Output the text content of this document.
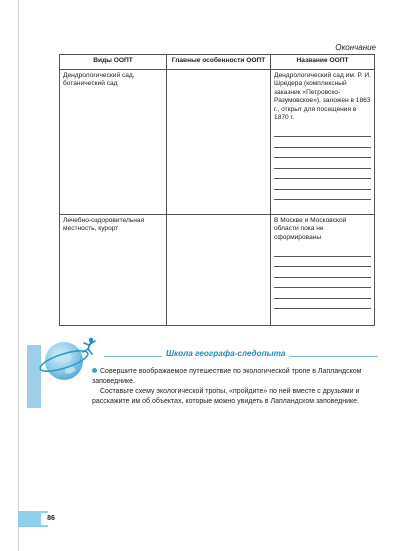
Окончание
Виды ООПТ	Главные особенности ООПТ	Название ООПТ
Дендрологический сад, ботанический сад		Дендрологический сад им. Р. И. Шредера (комплексный заказник «Петровско-Разумовское»), заложен в 1863 г., открыт для посещения в 1870 г.

Лечебно-оздоровительная местность, курорт		В Москве и Московской области пока не сформированы
Школа географа-следопыта

Совершите воображаемое путешествие по экологической тропе в Лапландском заповеднике.

Составьте схему экологической тропы, «пройдите» по ней вместе с друзьями и расскажите им об объектах, которые можно увидеть в Лапландском заповеднике.

86
